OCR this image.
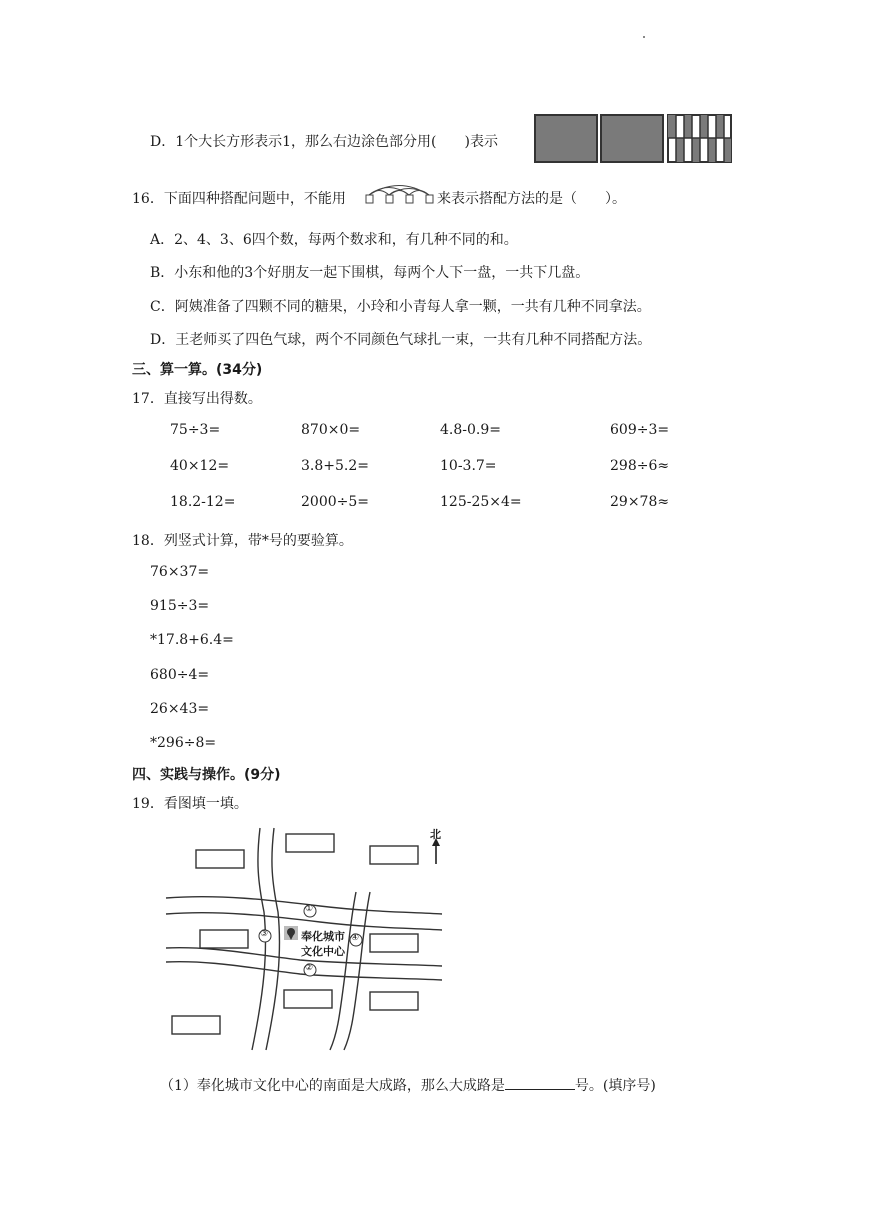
D．1个大长方形表示1，那么右边涂色部分用(　　)表示
16．下面四种搭配问题中，不能用	来表示搭配方法的是（　　）。
A．2、4、3、6四个数，每两个数求和，有几种不同的和。
B．小东和他的3个好朋友一起下围棋，每两个人下一盘，一共下几盘。
C．阿姨准备了四颗不同的糖果，小玲和小青每人拿一颗，一共有几种不同拿法。
D．王老师买了四色气球，两个不同颜色气球扎一束，一共有几种不同搭配方法。
三、算一算。(34分)
17．直接写出得数。
75÷3=	870×0=	4.8-0.9=	609÷3=
40×12=	3.8+5.2=	10-3.7=	298÷6≈
18.2-12=	2000÷5=	125-25×4=	29×78≈
18．列竖式计算，带*号的要验算。
76×37=
915÷3=
*17.8+6.4=
680÷4=
26×43=
*296÷8=
四、实践与操作。(9分)
19．看图填一填。
北
奉化城市
文化中心
①
②
③	④
（1）奉化城市文化中心的南面是大成路，那么大成路是	号。(填序号)
